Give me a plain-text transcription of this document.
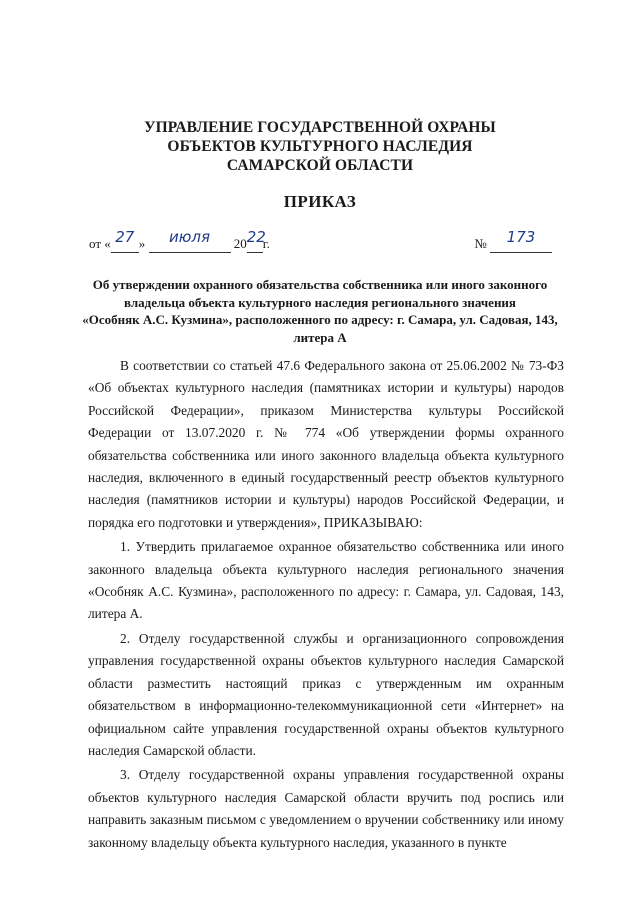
УПРАВЛЕНИЕ ГОСУДАРСТВЕННОЙ ОХРАНЫ
ОБЪЕКТОВ КУЛЬТУРНОГО НАСЛЕДИЯ
САМАРСКОЙ ОБЛАСТИ
ПРИКАЗ
от « 27 » июля 2022г.	№ 173
Об утверждении охранного обязательства собственника или иного законного
владельца объекта культурного наследия регионального значения
«Особняк А.С. Кузмина», расположенного по адресу: г. Самара, ул. Садовая, 143,
литера А

В соответствии со статьей 47.6 Федерального закона от 25.06.2002 № 73-ФЗ «Об объектах культурного наследия (памятниках истории и культуры) народов Российской Федерации», приказом Министерства культуры Российской Федерации от 13.07.2020 г. № 774 «Об утверждении формы охранного обязательства собственника или иного законного владельца объекта культурного наследия, включенного в единый государственный реестр объектов культурного наследия (памятников истории и культуры) народов Российской Федерации, и порядка его подготовки и утверждения», ПРИКАЗЫВАЮ:

1. Утвердить прилагаемое охранное обязательство собственника или иного законного владельца объекта культурного наследия регионального значения «Особняк А.С. Кузмина», расположенного по адресу: г. Самара, ул. Садовая, 143, литера А.

2. Отделу государственной службы и организационного сопровождения управления государственной охраны объектов культурного наследия Самарской области разместить настоящий приказ с утвержденным им охранным обязательством в информационно-телекоммуникационной сети «Интернет» на официальном сайте управления государственной охраны объектов культурного наследия Самарской области.

3. Отделу государственной охраны управления государственной охраны объектов культурного наследия Самарской области вручить под роспись или направить заказным письмом с уведомлением о вручении собственнику или иному законному владельцу объекта культурного наследия, указанного в пункте
